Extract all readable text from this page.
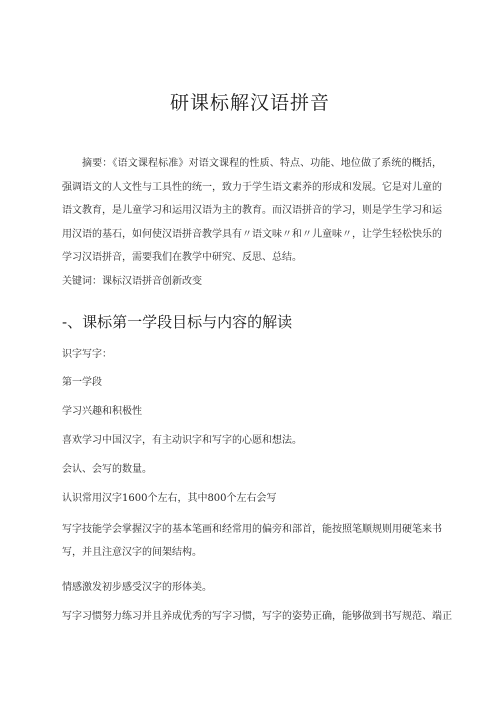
研课标解汉语拼音
摘要：《语文课程标准》对语文课程的性质、特点、功能、地位做了系统的概括，强调语文的人文性与工具性的统一，致力于学生语文素养的形成和发展。它是对儿童的语文教育，是儿童学习和运用汉语为主的教育。而汉语拼音的学习，则是学生学习和运用汉语的基石，如何使汉语拼音教学具有〃语文味〃和〃儿童味〃，让学生轻松快乐的学习汉语拼音，需要我们在教学中研究、反思、总结。
关键词：课标汉语拼音创新改变
-、课标第一学段目标与内容的解读
识字写字：
第一学段
学习兴趣和积极性
喜欢学习中国汉字，有主动识字和写字的心愿和想法。
会认、会写的数量。
认识常用汉字1600个左右，其中800个左右会写
写字技能学会掌握汉字的基本笔画和经常用的偏旁和部首，能按照笔顺规则用硬笔来书写，并且注意汉字的间架结构。
情感激发初步感受汉字的形体美。
写字习惯努力练习并且养成优秀的写字习惯，写字的姿势正确，能够做到书写规范、端正
